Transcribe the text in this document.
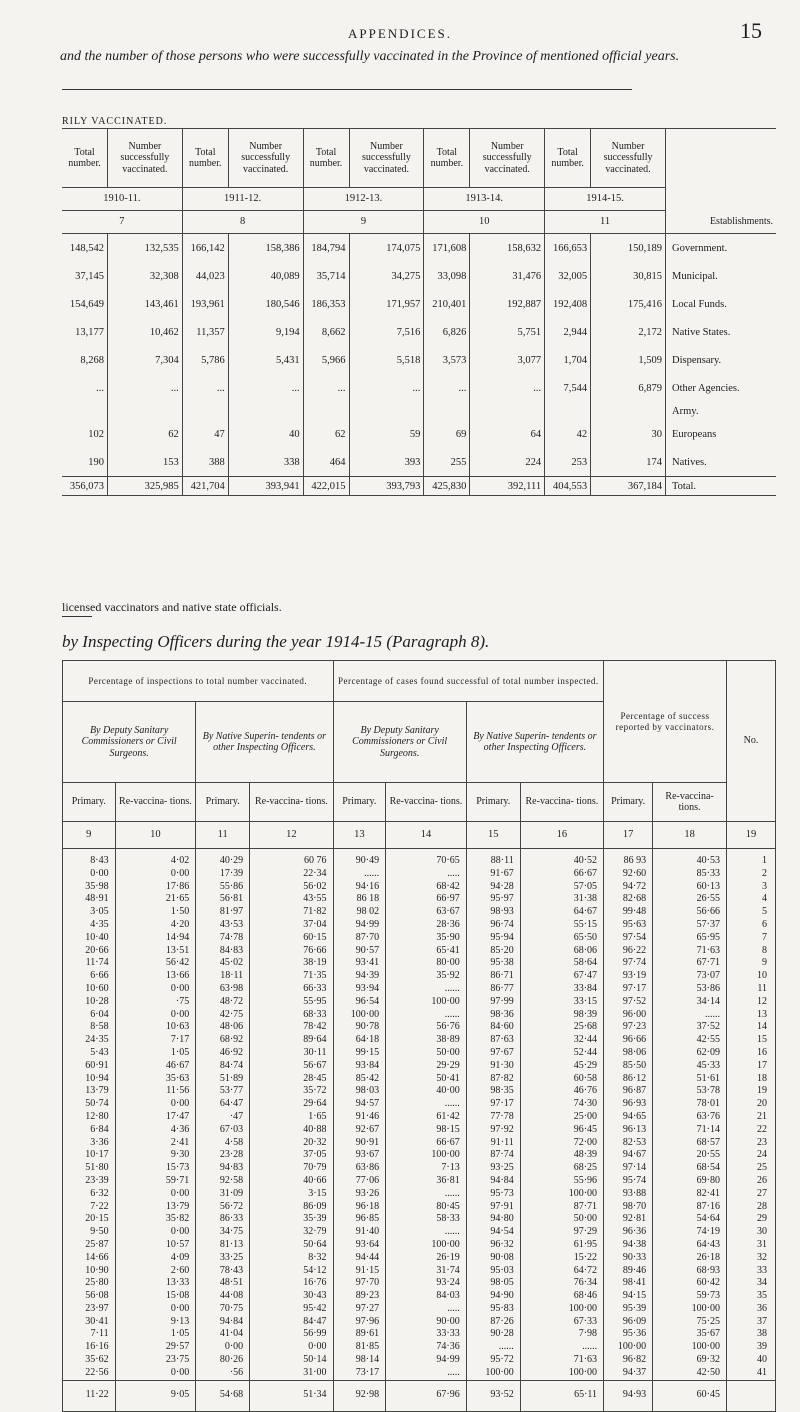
APPENDICES.	15
and the number of those persons who were successfully vaccinated in the Province of mentioned official years.
RILY VACCINATED.
Total number.	Number successfully vaccinated.	Total number.	Number successfully vaccinated.	Total number.	Number successfully vaccinated.	Total number.	Number successfully vaccinated.	Total number.	Number successfully vaccinated.	Establishments.
1910-11.		1911-12.		1912-13.		1913-14.		1914-15.		
7		8		9		10		11		
148,542	132,535	166,142	158,386	184,794	174,075	171,608	158,632	166,653	150,189	Government.
37,145	32,308	44,023	40,089	35,714	34,275	33,098	31,476	32,005	30,815	Municipal.
154,649	143,461	193,961	180,546	186,353	171,957	210,401	192,887	192,408	175,416	Local Funds.
13,177	10,462	11,357	9,194	8,662	7,516	6,826	5,751	2,944	2,172	Native States.
8,268	7,304	5,786	5,431	5,966	5,518	3,573	3,077	1,704	1,509	Dispensary.
...	...	...	...	...	...	...	...	7,544	6,879	Other Agencies.
										Army.
102	62	47	40	62	59	69	64	42	30	Europeans
190	153	388	338	464	393	255	224	253	174	Natives.
356,073	325,985	421,704	393,941	422,015	393,793	425,830	392,111	404,553	367,184	Total.
licensed vaccinators and native state officials.
by Inspecting Officers during the year 1914-15 (Paragraph 8).
Percentage of inspections to total number vaccinated.				Percentage of cases found successful of total number inspected.				Percentage of success reported by vaccinators.		No.
By Deputy Sanitary Commissioners or Civil Surgeons.		By Native Superin- tendents or other Inspecting Officers.		By Deputy Sanitary Commissioners or Civil Surgeons.		By Native Superin- tendents or other Inspecting Officers.				
Primary.	Re-vaccina- tions.	Primary.	Re-vaccina- tions.	Primary.	Re-vaccina- tions.	Primary.	Re-vaccina- tions.	Primary.	Re-vaccina- tions.	
9	10	11	12	13	14	15	16	17	18	19
8·43	4·02	40·29	60 76	90·49	70·65	88·11	40·52	86 93	40·53	1
0·00	0·00	17·39	22·34	......	.....	91·67	66·67	92·60	85·33	2
35·98	17·86	55·86	56·02	94·16	68·42	94·28	57·05	94·72	60·13	3
48·91	21·65	56·81	43·55	86 18	66·97	95·97	31·38	82·68	26·55	4
3·05	1·50	81·97	71·82	98 02	63·67	98·93	64·67	99·48	56·66	5
4·35	4·20	43·53	37·04	94·99	28·36	96·74	55·15	95·63	57·37	6
10·40	14·94	74·78	60·15	87·70	35·90	95·94	65·50	97·54	65·95	7
20·66	13·51	84·83	76·66	90·57	65·41	85·20	68·06	96·22	71·63	8
11·74	56·42	45·02	38·19	93·41	80·00	95·38	58·64	97·74	67·71	9
6·66	13·66	18·11	71·35	94·39	35·92	86·71	67·47	93·19	73·07	10
10·60	0·00	63·98	66·33	93·94	......	86·77	33·84	97·17	53·86	11
10·28	·75	48·72	55·95	96·54	100·00	97·99	33·15	97·52	34·14	12
6·04	0·00	42·75	68·33	100·00	......	98·36	98·39	96·00	......	13
8·58	10·63	48·06	78·42	90·78	56·76	84·60	25·68	97·23	37·52	14
24·35	7·17	68·92	89·64	64·18	38·89	87·63	32·44	96·66	42·55	15
5·43	1·05	46·92	30·11	99·15	50·00	97·67	52·44	98·06	62·09	16
60·91	46·67	84·74	56·67	93·84	29·29	91·30	45·29	85·50	45·33	17
10·94	35·63	51·89	28·45	85·42	50·41	87·82	60·58	86·12	51·61	18
13·79	11·56	53·77	35·72	98·03	40·00	98·35	46·76	96·87	53·78	19
50·74	0·00	64·47	29·64	94·57	......	97·17	74·30	96·93	78·01	20
12·80	17·47	·47	1·65	91·46	61·42	77·78	25·00	94·65	63·76	21
6·84	4·36	67·03	40·88	92·67	98·15	97·92	96·45	96·13	71·14	22
3·36	2·41	4·58	20·32	90·91	66·67	91·11	72·00	82·53	68·57	23
10·17	9·30	23·28	37·05	93·67	100·00	87·74	48·39	94·67	20·55	24
51·80	15·73	94·83	70·79	63·86	7·13	93·25	68·25	97·14	68·54	25
23·39	59·71	92·58	40·66	77·06	36·81	94·84	55·96	95·74	69·80	26
6·32	0·00	31·09	3·15	93·26	......	95·73	100·00	93·88	82·41	27
7·22	13·79	56·72	86·09	96·18	80·45	97·91	87·71	98·70	87·16	28
20·15	35·82	86·33	35·39	96·85	58·33	94·80	50·00	92·81	54·64	29
9·50	0·00	34·75	32·79	91·40	......	94·54	97·29	96·36	74·19	30
25·87	10·57	81·13	50·64	93·64	100·00	96·32	61·95	94·38	64·43	31
14·66	4·09	33·25	8·32	94·44	26·19	90·08	15·22	90·33	26·18	32
10·90	2·60	78·43	54·12	91·15	31·74	95·03	64·72	89·46	68·93	33
25·80	13·33	48·51	16·76	97·70	93·24	98·05	76·34	98·41	60·42	34
56·08	15·08	44·08	30·43	89·23	84·03	94·90	68·46	94·15	59·73	35
23·97	0·00	70·75	95·42	97·27	.....	95·83	100·00	95·39	100·00	36
30·41	9·13	94·84	84·47	97·96	90·00	87·26	67·33	96·09	75·25	37
7·11	1·05	41·04	56·99	89·61	33·33	90·28	7·98	95·36	35·67	38
16·16	29·57	0·00	0·00	81·85	74·36	......	......	100·00	100·00	39
35·62	23·75	80·26	50·14	98·14	94·99	95·72	71·63	96·82	69·32	40
22·56	0·00	·56	31·00	73·17	.....	100·00	100·00	94·37	42·50	41
11·22	9·05	54·68	51·34	92·98	67·96	93·52	65·11	94·93	60·45	
